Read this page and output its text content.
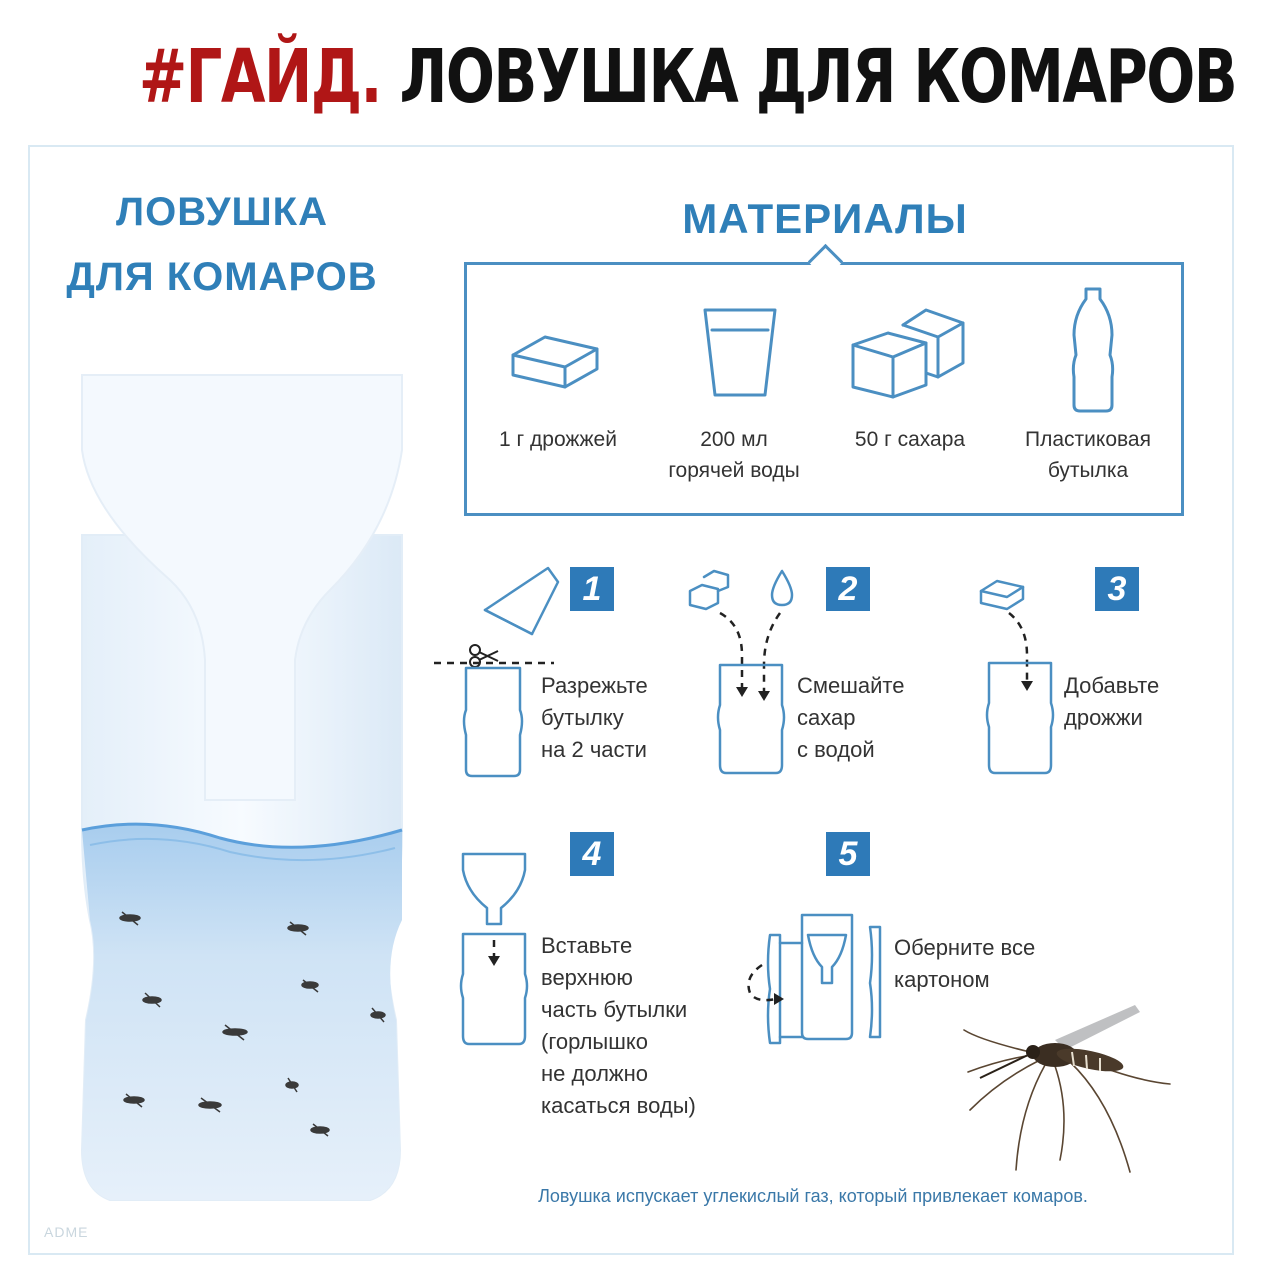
#ГАЙД. ЛОВУШКА ДЛЯ КОМАРОВ
ЛОВУШКА
ДЛЯ КОМАРОВ
МАТЕРИАЛЫ
1 г дрожжей	200 мл
горячей воды
50 г сахара	Пластиковая
бутылка
1
Разрежьте
бутылку
на 2 части
2
Смешайте
сахар
с водой
3
Добавьте
дрожжи
4
Вставьте
верхнюю
часть бутылки
(горлышко
не должно
касаться воды)
5
Оберните все
картоном
Ловушка испускает углекислый газ, который привлекает комаров.
ADME
